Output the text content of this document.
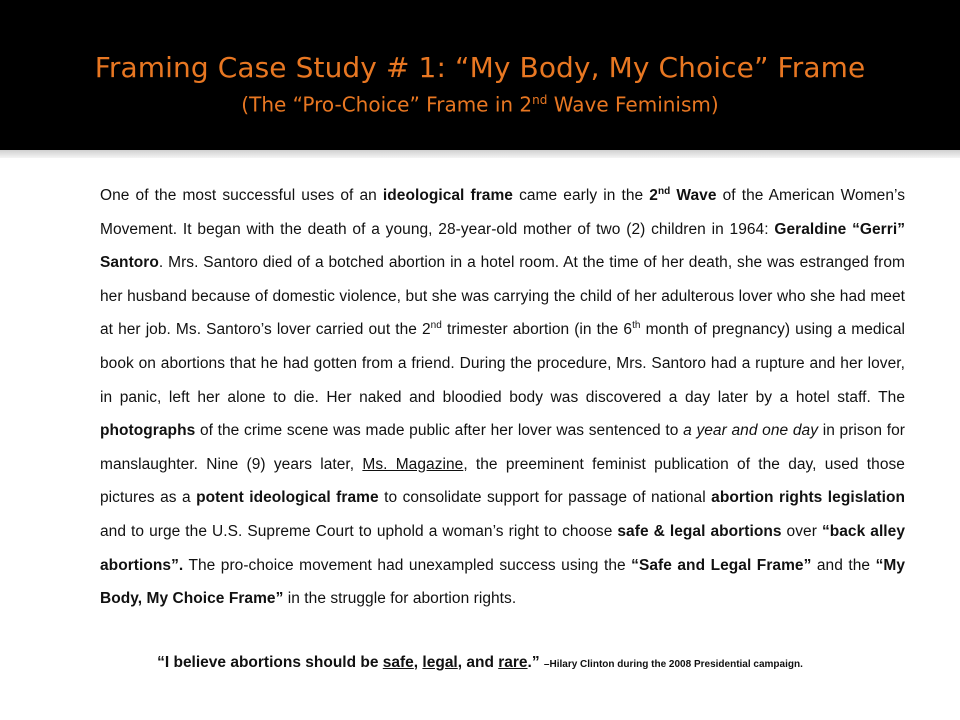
Framing Case Study # 1: “My Body, My Choice” Frame

(The “Pro-Choice” Frame in 2nd Wave Feminism)

One of the most successful uses of an ideological frame came early in the 2nd Wave of the American Women’s Movement. It began with the death of a young, 28-year-old mother of two (2) children in 1964: Geraldine “Gerri” Santoro. Mrs. Santoro died of a botched abortion in a hotel room. At the time of her death, she was estranged from her husband because of domestic violence, but she was carrying the child of her adulterous lover who she had meet at her job. Ms. Santoro’s lover carried out the 2nd trimester abortion (in the 6th month of pregnancy) using a medical book on abortions that he had gotten from a friend. During the procedure, Mrs. Santoro had a rupture and her lover, in panic, left her alone to die. Her naked and bloodied body was discovered a day later by a hotel staff. The photographs of the crime scene was made public after her lover was sentenced to a year and one day in prison for manslaughter. Nine (9) years later, Ms. Magazine, the preeminent feminist publication of the day, used those pictures as a potent ideological frame to consolidate support for passage of national abortion rights legislation and to urge the U.S. Supreme Court to uphold a woman’s right to choose safe & legal abortions over “back alley abortions”. The pro-choice movement had unexampled success using the “Safe and Legal Frame” and the “My Body, My Choice Frame” in the struggle for abortion rights.

“I believe abortions should be safe, legal, and rare.” –Hilary Clinton during the 2008 Presidential campaign.
